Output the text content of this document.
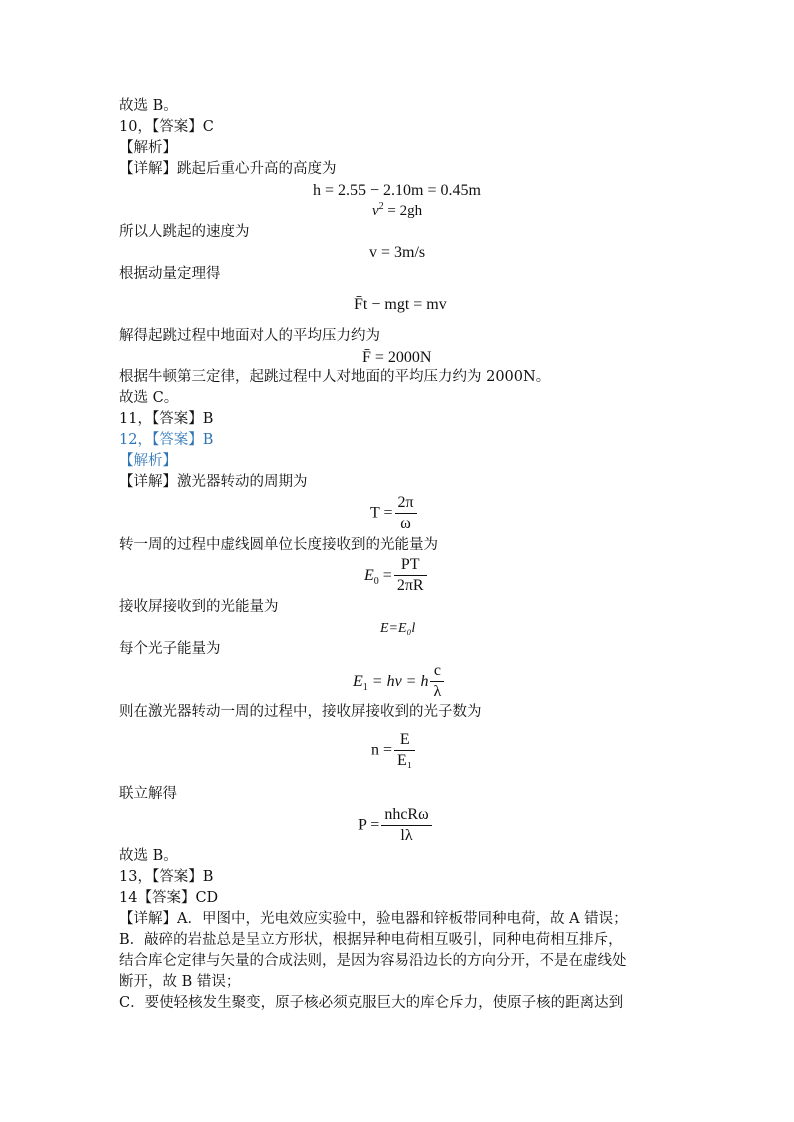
故选 B。
10，【答案】C
【解析】
【详解】跳起后重心升高的高度为
h = 2.55 − 2.10m = 0.45m
$v^2 = 2gh$
所以人跳起的速度为
v = 3m/s
根据动量定理得
F̄t − mgt = mv
解得起跳过程中地面对人的平均压力约为
F̄ = 2000N
根据牛顿第三定律，起跳过程中人对地面的平均压力约为 2000N。
故选 C。
11，【答案】B
12，【答案】B
【解析】
【详解】激光器转动的周期为
$T = \frac{2\pi}{\omega}$
转一周的过程中虚线圆单位长度接收到的光能量为
$E_0 = \frac{PT}{2\pi R}$
接收屏接收到的光能量为
E=E₀l
每个光子能量为
$E_1 = h\nu = h \frac{c}{\lambda}$
则在激光器转动一周的过程中，接收屏接收到的光子数为
$n = \frac{E}{\text{E₁}}$
联立解得
$P = \frac{\text{nhcRω}}{l\lambda}$
故选 B。
13，【答案】B
14【答案】CD
【详解】A．甲图中，光电效应实验中，验电器和锌板带同种电荷，故 A 错误；
B．敲碎的岩盐总是呈立方形状，根据异种电荷相互吸引，同种电荷相互排斥，
结合库仑定律与矢量的合成法则，是因为容易沿边长的方向分开，不是在虚线处
断开，故 B 错误；
C．要使轻核发生聚变，原子核必须克服巨大的库仑斥力，使原子核的距离达到
